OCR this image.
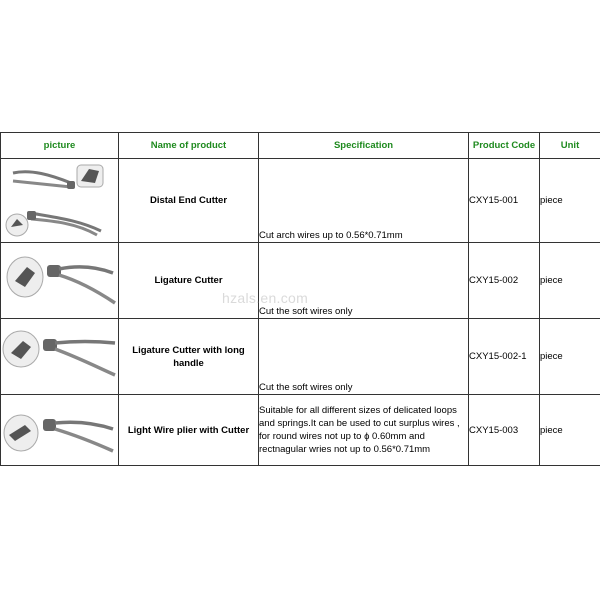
picture	Name of product	Specification	Product Code	Unit

	Distal End Cutter	Cut arch wires up to 0.56*0.71mm	CXY15-001	piece

	Ligature Cutter	Cut the soft wires only	CXY15-002	piece

	Ligature Cutter with long handle	Cut the soft wires only	CXY15-002-1	piece

	Light Wire plier with Cutter	Suitable for all different sizes of delicated loops and springs.It can be used to cut surplus wires , for round wires not up to ϕ 0.60mm and rectnagular wries not up to 0.56*0.71mm	CXY15-003	piece
hzals.en.com
